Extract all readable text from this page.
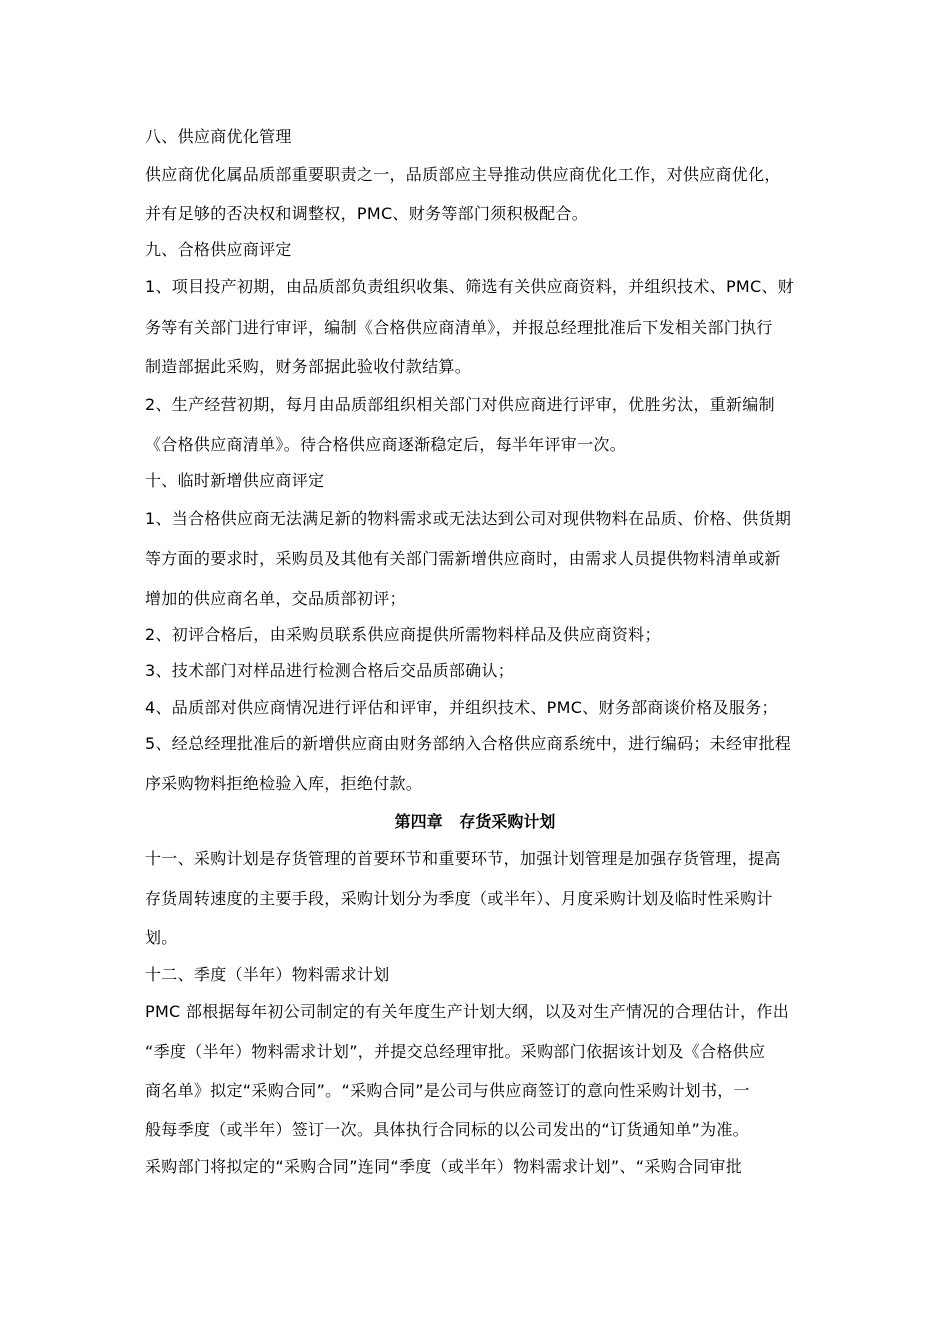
八、供应商优化管理
供应商优化属品质部重要职责之一，品质部应主导推动供应商优化工作，对供应商优化，
并有足够的否决权和调整权，PMC、财务等部门须积极配合。
九、合格供应商评定
1、项目投产初期，由品质部负责组织收集、筛选有关供应商资料，并组织技术、PMC、财
务等有关部门进行审评，编制《合格供应商清单》，并报总经理批准后下发相关部门执行
制造部据此采购，财务部据此验收付款结算。
2、生产经营初期，每月由品质部组织相关部门对供应商进行评审，优胜劣汰，重新编制
《合格供应商清单》。待合格供应商逐渐稳定后，每半年评审一次。
十、临时新增供应商评定
1、当合格供应商无法满足新的物料需求或无法达到公司对现供物料在品质、价格、供货期
等方面的要求时，采购员及其他有关部门需新增供应商时，由需求人员提供物料清单或新
增加的供应商名单，交品质部初评；
2、初评合格后，由采购员联系供应商提供所需物料样品及供应商资料；
3、技术部门对样品进行检测合格后交品质部确认；
4、品质部对供应商情况进行评估和评审，并组织技术、PMC、财务部商谈价格及服务；
5、经总经理批准后的新增供应商由财务部纳入合格供应商系统中，进行编码；未经审批程
序采购物料拒绝检验入库，拒绝付款。
第四章   存货采购计划
十一、采购计划是存货管理的首要环节和重要环节，加强计划管理是加强存货管理，提高
存货周转速度的主要手段，采购计划分为季度（或半年）、月度采购计划及临时性采购计
划。
十二、季度（半年）物料需求计划
PMC 部根据每年初公司制定的有关年度生产计划大纲，以及对生产情况的合理估计，作出
“季度（半年）物料需求计划”，并提交总经理审批。采购部门依据该计划及《合格供应
商名单》拟定“采购合同”。“采购合同”是公司与供应商签订的意向性采购计划书，一
般每季度（或半年）签订一次。具体执行合同标的以公司发出的“订货通知单”为准。
采购部门将拟定的“采购合同”连同“季度（或半年）物料需求计划”、“采购合同审批
